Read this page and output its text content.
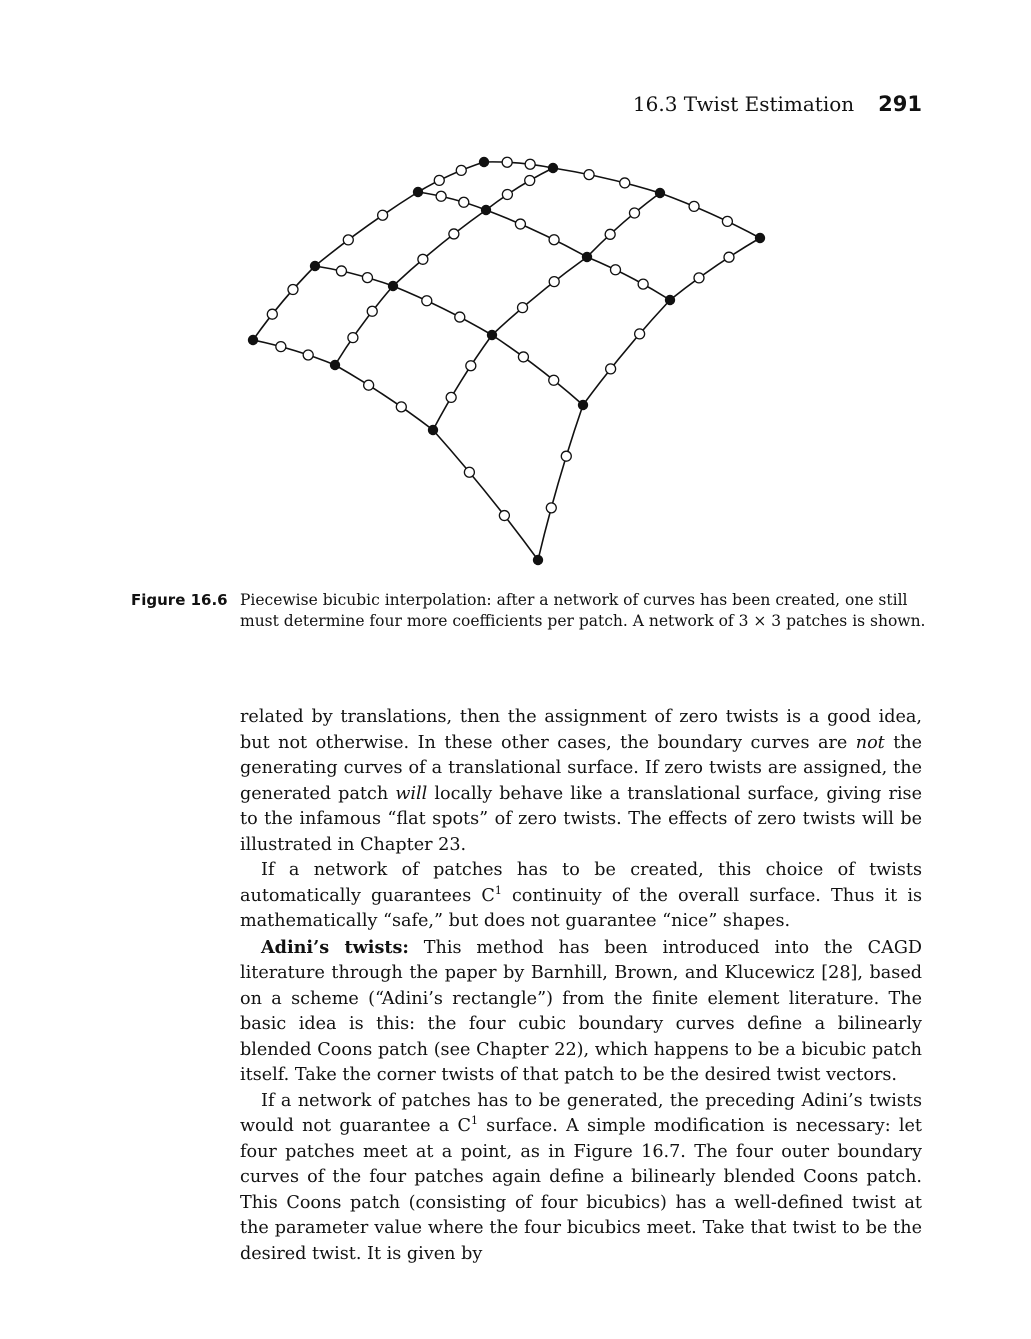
16.3 Twist Estimation 291
Figure 16.6 Piecewise bicubic interpolation: after a network of curves has been created, one still must determine four more coefficients per patch. A network of 3 × 3 patches is shown.

related by translations, then the assignment of zero twists is a good idea, but not otherwise. In these other cases, the boundary curves are not the generating curves of a translational surface. If zero twists are assigned, the generated patch will locally behave like a translational surface, giving rise to the infamous “flat spots” of zero twists. The effects of zero twists will be illustrated in Chapter 23.

If a network of patches has to be created, this choice of twists automatically guarantees $C^1$ continuity of the overall surface. Thus it is mathematically “safe,” but does not guarantee “nice” shapes.

Adini’s twists: This method has been introduced into the CAGD literature through the paper by Barnhill, Brown, and Klucewicz [28], based on a scheme (“Adini’s rectangle”) from the finite element literature. The basic idea is this: the four cubic boundary curves define a bilinearly blended Coons patch (see Chapter 22), which happens to be a bicubic patch itself. Take the corner twists of that patch to be the desired twist vectors.

If a network of patches has to be generated, the preceding Adini’s twists would not guarantee a $C^1$ surface. A simple modification is necessary: let four patches meet at a point, as in Figure 16.7. The four outer boundary curves of the four patches again define a bilinearly blended Coons patch. This Coons patch (consisting of four bicubics) has a well-defined twist at the parameter value where the four bicubics meet. Take that twist to be the desired twist. It is given by
